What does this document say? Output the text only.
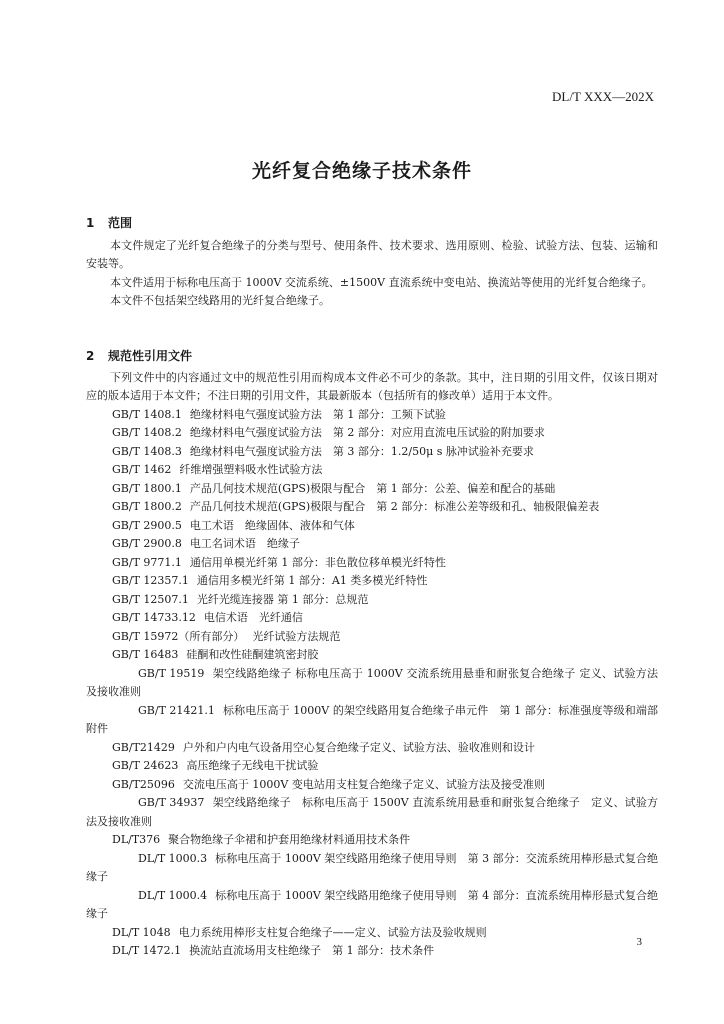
DL/T XXX—202X
光纤复合绝缘子技术条件

1 范围

本文件规定了光纤复合绝缘子的分类与型号、使用条件、技术要求、选用原则、检验、试验方法、包装、运输和安装等。

本文件适用于标称电压高于 1000V 交流系统、±1500V 直流系统中变电站、换流站等使用的光纤复合绝缘子。

本文件不包括架空线路用的光纤复合绝缘子。

2 规范性引用文件

下列文件中的内容通过文中的规范性引用而构成本文件必不可少的条款。其中，注日期的引用文件，仅该日期对应的版本适用于本文件；不注日期的引用文件，其最新版本（包括所有的修改单）适用于本文件。

GB/T 1408.1 绝缘材料电气强度试验方法　第 1 部分：工频下试验

GB/T 1408.2 绝缘材料电气强度试验方法　第 2 部分：对应用直流电压试验的附加要求

GB/T 1408.3 绝缘材料电气强度试验方法　第 3 部分：1.2/50μ s 脉冲试验补充要求

GB/T 1462 纤维增强塑料吸水性试验方法

GB/T 1800.1 产品几何技术规范(GPS)极限与配合　第 1 部分：公差、偏差和配合的基础

GB/T 1800.2 产品几何技术规范(GPS)极限与配合　第 2 部分：标准公差等级和孔、轴极限偏差表

GB/T 2900.5 电工术语　绝缘固体、液体和气体

GB/T 2900.8 电工名词术语　绝缘子

GB/T 9771.1 通信用单模光纤第 1 部分：非色散位移单模光纤特性

GB/T 12357.1 通信用多模光纤第 1 部分：A1 类多模光纤特性

GB/T 12507.1 光纤光缆连接器 第 1 部分：总规范

GB/T 14733.12 电信术语　光纤通信

GB/T 15972（所有部分） 光纤试验方法规范

GB/T 16483 硅酮和改性硅酮建筑密封胶

GB/T 19519 架空线路绝缘子 标称电压高于 1000V 交流系统用悬垂和耐张复合绝缘子 定义、试验方法及接收准则

GB/T 21421.1 标称电压高于 1000V 的架空线路用复合绝缘子串元件　第 1 部分：标准强度等级和端部附件

GB/T21429 户外和户内电气设备用空心复合绝缘子定义、试验方法、验收准则和设计

GB/T 24623 高压绝缘子无线电干扰试验

GB/T25096 交流电压高于 1000V 变电站用支柱复合绝缘子定义、试验方法及接受准则

GB/T 34937 架空线路绝缘子　标称电压高于 1500V 直流系统用悬垂和耐张复合绝缘子　定义、试验方法及接收准则

DL/T376 聚合物绝缘子伞裙和护套用绝缘材料通用技术条件

DL/T 1000.3 标称电压高于 1000V 架空线路用绝缘子使用导则　第 3 部分：交流系统用棒形悬式复合绝缘子

DL/T 1000.4 标称电压高于 1000V 架空线路用绝缘子使用导则　第 4 部分：直流系统用棒形悬式复合绝缘子

DL/T 1048 电力系统用棒形支柱复合绝缘子——定义、试验方法及验收规则

DL/T 1472.1 换流站直流场用支柱绝缘子　第 1 部分：技术条件

3
